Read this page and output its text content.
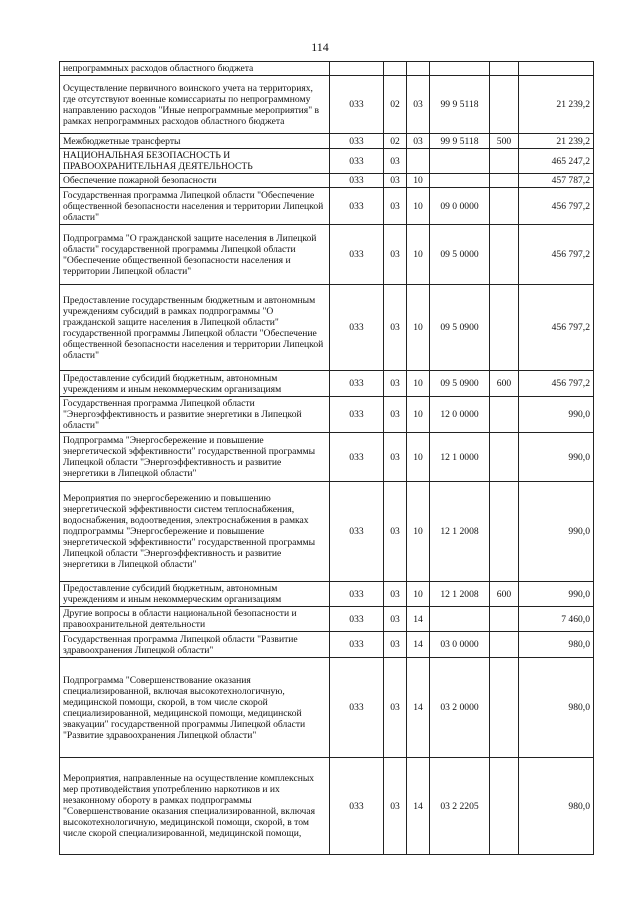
114
непрограммных расходов областного бюджета						
Осуществление первичного воинского учета на территориях, где отсутствуют военные комиссариаты по непрограммному направлению расходов "Иные непрограммные мероприятия" в рамках непрограммных расходов областного бюджета	033	02	03	99 9 5118		21 239,2
Межбюджетные трансферты	033	02	03	99 9 5118	500	21 239,2
НАЦИОНАЛЬНАЯ БЕЗОПАСНОСТЬ И ПРАВООХРАНИТЕЛЬНАЯ ДЕЯТЕЛЬНОСТЬ	033	03				465 247,2
Обеспечение пожарной безопасности	033	03	10			457 787,2
Государственная программа Липецкой области "Обеспечение общественной безопасности населения и территории Липецкой области"	033	03	10	09 0 0000		456 797,2
Подпрограмма "О гражданской защите населения в Липецкой области" государственной программы Липецкой области "Обеспечение общественной безопасности населения и территории Липецкой области"	033	03	10	09 5 0000		456 797,2
Предоставление государственным бюджетным и автономным учреждениям субсидий в рамках подпрограммы "О гражданской защите населения в Липецкой области" государственной программы Липецкой области "Обеспечение общественной безопасности населения и территории Липецкой области"	033	03	10	09 5 0900		456 797,2
Предоставление субсидий бюджетным, автономным учреждениям и иным некоммерческим организациям	033	03	10	09 5 0900	600	456 797,2
Государственная программа Липецкой области "Энергоэффективность и развитие энергетики в Липецкой области"	033	03	10	12 0 0000		990,0
Подпрограмма "Энергосбережение и повышение энергетической эффективности" государственной программы Липецкой области "Энергоэффективность и развитие энергетики в Липецкой области"	033	03	10	12 1 0000		990,0
Мероприятия по энергосбережению и повышению энергетической эффективности систем теплоснабжения, водоснабжения, водоотведения, электроснабжения в рамках подпрограммы "Энергосбережение и повышение энергетической эффективности" государственной программы Липецкой области "Энергоэффективность и развитие энергетики в Липецкой области"	033	03	10	12 1 2008		990,0
Предоставление субсидий бюджетным, автономным учреждениям и иным некоммерческим организациям	033	03	10	12 1 2008	600	990,0
Другие вопросы в области национальной безопасности и правоохранительной деятельности	033	03	14			7 460,0
Государственная программа Липецкой области "Развитие здравоохранения Липецкой области"	033	03	14	03 0 0000		980,0
Подпрограмма "Совершенствование оказания специализированной, включая высокотехнологичную, медицинской помощи, скорой, в том числе скорой специализированной, медицинской помощи, медицинской эвакуации" государственной программы Липецкой области "Развитие здравоохранения Липецкой области"	033	03	14	03 2 0000		980,0
Мероприятия, направленные на осуществление комплексных мер противодействия употреблению наркотиков и их незаконному обороту в рамках подпрограммы "Совершенствование оказания специализированной, включая высокотехнологичную, медицинской помощи, скорой, в том числе скорой специализированной, медицинской помощи,	033	03	14	03 2 2205		980,0
